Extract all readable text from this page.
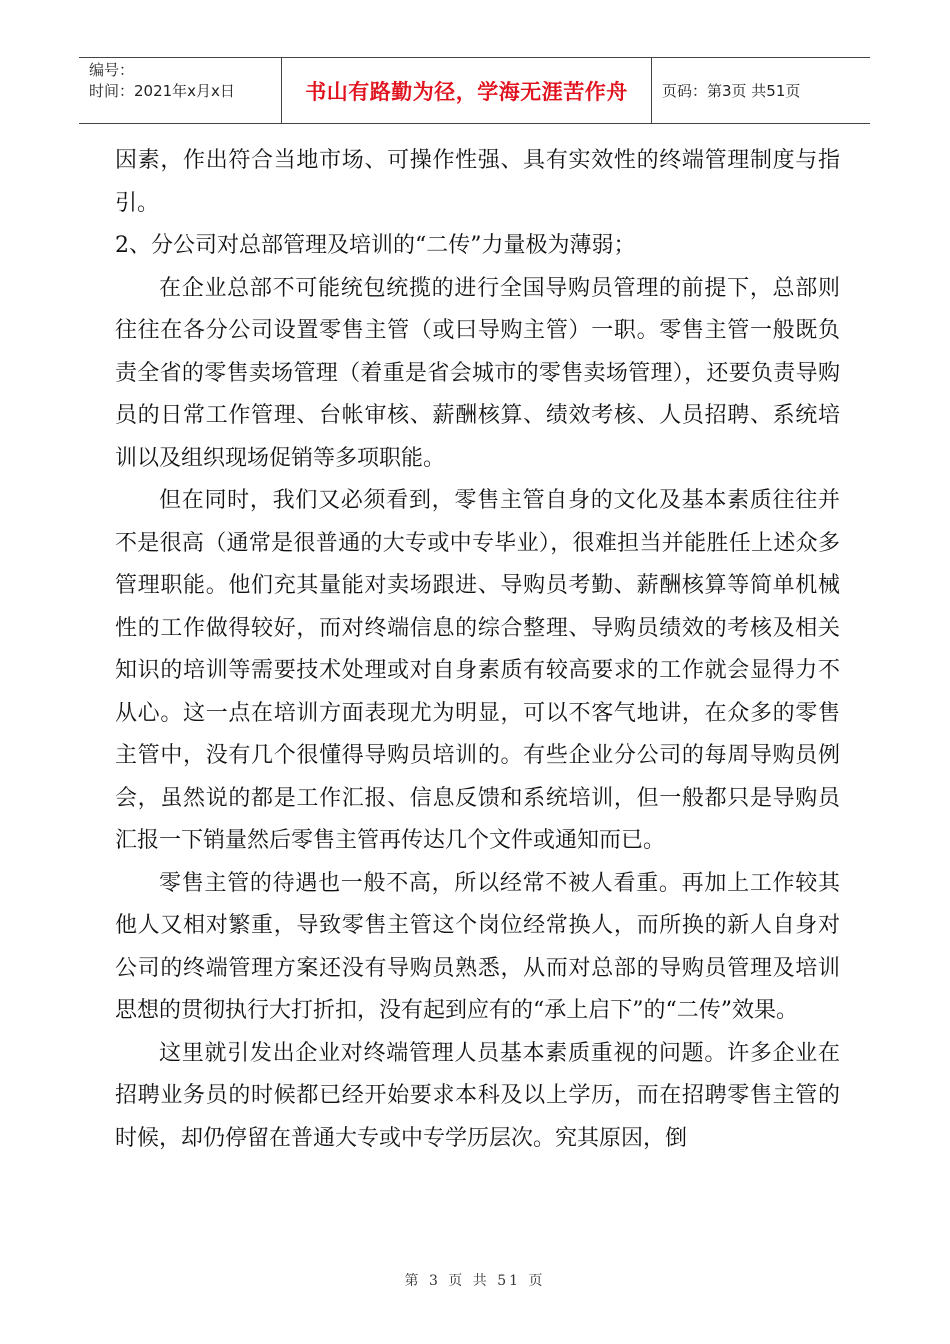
编号：
时间：2021年x月x日	书山有路勤为径，学海无涯苦作舟	页码：第3页 共51页

因素，作出符合当地市场、可操作性强、具有实效性的终端管理制度与指引。

2、分公司对总部管理及培训的“二传”力量极为薄弱；

在企业总部不可能统包统揽的进行全国导购员管理的前提下，总部则往往在各分公司设置零售主管（或曰导购主管）一职。零售主管一般既负责全省的零售卖场管理（着重是省会城市的零售卖场管理），还要负责导购员的日常工作管理、台帐审核、薪酬核算、绩效考核、人员招聘、系统培训以及组织现场促销等多项职能。

但在同时，我们又必须看到，零售主管自身的文化及基本素质往往并不是很高（通常是很普通的大专或中专毕业），很难担当并能胜任上述众多管理职能。他们充其量能对卖场跟进、导购员考勤、薪酬核算等简单机械性的工作做得较好，而对终端信息的综合整理、导购员绩效的考核及相关知识的培训等需要技术处理或对自身素质有较高要求的工作就会显得力不从心。这一点在培训方面表现尤为明显，可以不客气地讲，在众多的零售主管中，没有几个很懂得导购员培训的。有些企业分公司的每周导购员例会，虽然说的都是工作汇报、信息反馈和系统培训，但一般都只是导购员汇报一下销量然后零售主管再传达几个文件或通知而已。

零售主管的待遇也一般不高，所以经常不被人看重。再加上工作较其他人又相对繁重，导致零售主管这个岗位经常换人，而所换的新人自身对公司的终端管理方案还没有导购员熟悉，从而对总部的导购员管理及培训思想的贯彻执行大打折扣，没有起到应有的“承上启下”的“二传”效果。

这里就引发出企业对终端管理人员基本素质重视的问题。许多企业在招聘业务员的时候都已经开始要求本科及以上学历，而在招聘零售主管的时候，却仍停留在普通大专或中专学历层次。究其原因，倒

第 3 页 共 51 页
